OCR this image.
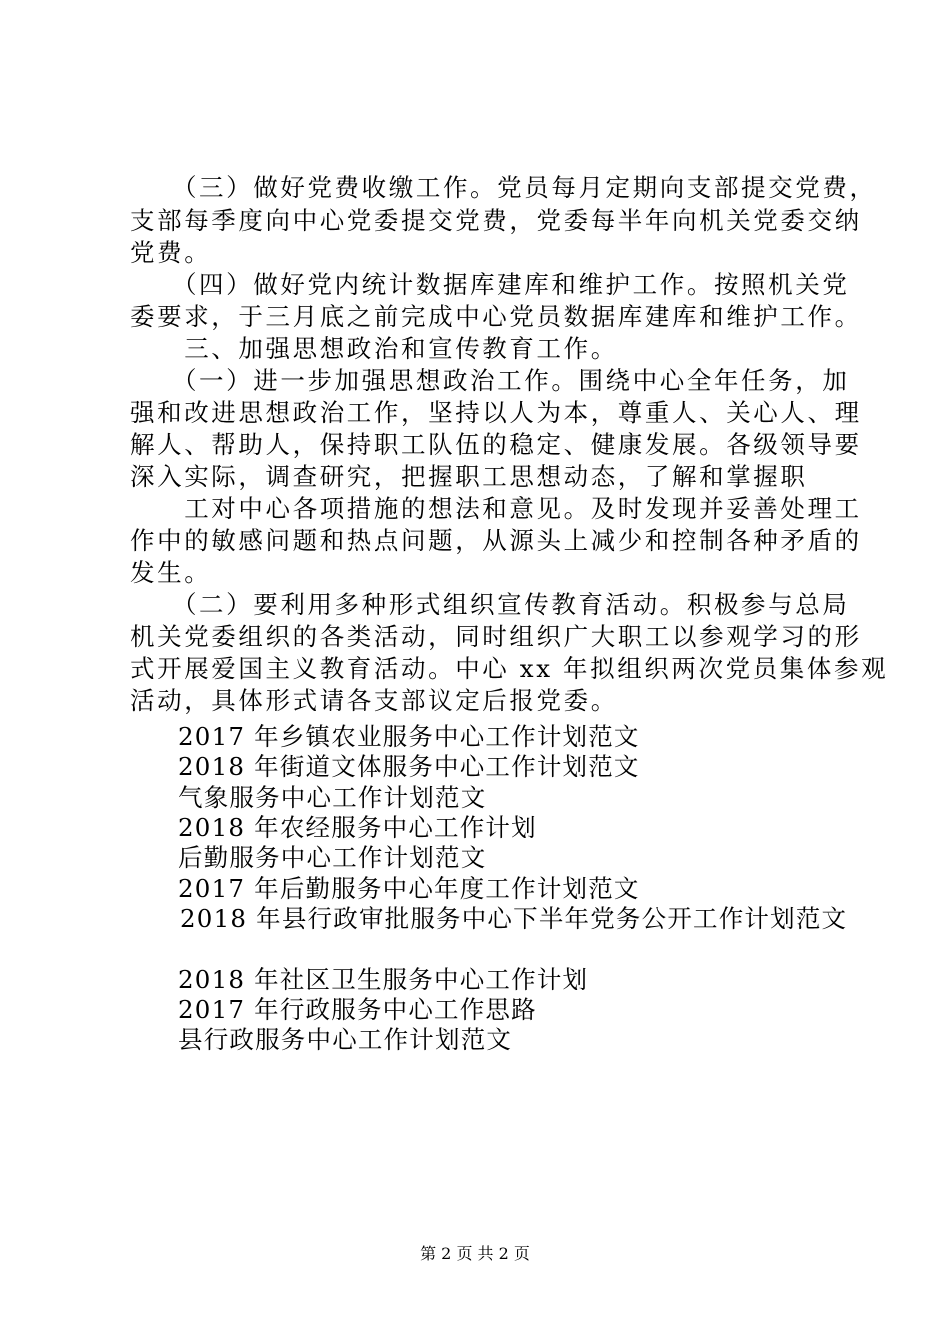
　　（三）做好党费收缴工作。党员每月定期向支部提交党费，
支部每季度向中心党委提交党费，党委每半年向机关党委交纳
党费。
　　（四）做好党内统计数据库建库和维护工作。按照机关党
委要求，于三月底之前完成中心党员数据库建库和维护工作。
　　三、加强思想政治和宣传教育工作。
　　（一）进一步加强思想政治工作。围绕中心全年任务，加
强和改进思想政治工作，坚持以人为本，尊重人、关心人、理
解人、帮助人，保持职工队伍的稳定、健康发展。各级领导要
深入实际，调查研究，把握职工思想动态，了解和掌握职
　　工对中心各项措施的想法和意见。及时发现并妥善处理工
作中的敏感问题和热点问题，从源头上减少和控制各种矛盾的
发生。
　　（二）要利用多种形式组织宣传教育活动。积极参与总局
机关党委组织的各类活动，同时组织广大职工以参观学习的形
式开展爱国主义教育活动。中心 xx 年拟组织两次党员集体参观
活动，具体形式请各支部议定后报党委。
2017 年乡镇农业服务中心工作计划范文
2018 年街道文体服务中心工作计划范文
气象服务中心工作计划范文
2018 年农经服务中心工作计划
后勤服务中心工作计划范文
2017 年后勤服务中心年度工作计划范文
2018 年县行政审批服务中心下半年党务公开工作计划范文
2018 年社区卫生服务中心工作计划
2017 年行政服务中心工作思路
县行政服务中心工作计划范文
第 2 页 共 2 页
